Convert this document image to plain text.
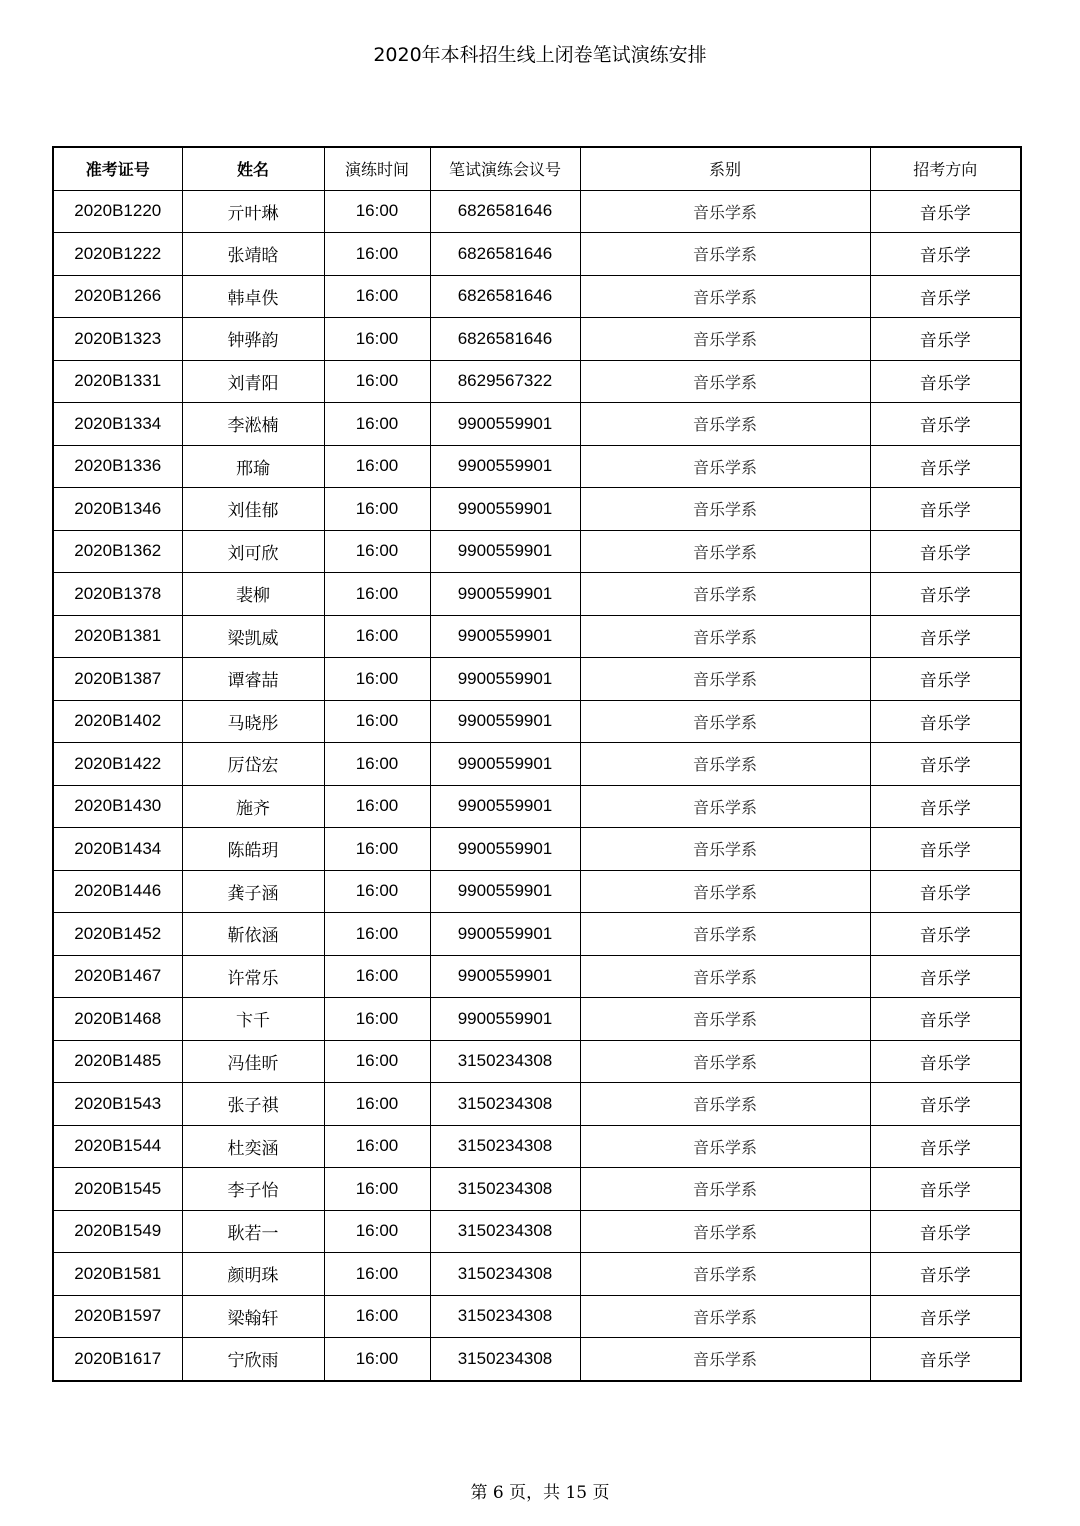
2020年本科招生线上闭卷笔试演练安排
准考证号	姓名	演练时间	笔试演练会议号	系别	招考方向
2020B1220	亓叶琳	16:00	6826581646	音乐学系	音乐学
2020B1222	张靖晗	16:00	6826581646	音乐学系	音乐学
2020B1266	韩卓佚	16:00	6826581646	音乐学系	音乐学
2020B1323	钟骅韵	16:00	6826581646	音乐学系	音乐学
2020B1331	刘青阳	16:00	8629567322	音乐学系	音乐学
2020B1334	李淞楠	16:00	9900559901	音乐学系	音乐学
2020B1336	邢瑜	16:00	9900559901	音乐学系	音乐学
2020B1346	刘佳郁	16:00	9900559901	音乐学系	音乐学
2020B1362	刘可欣	16:00	9900559901	音乐学系	音乐学
2020B1378	裴柳	16:00	9900559901	音乐学系	音乐学
2020B1381	梁凯威	16:00	9900559901	音乐学系	音乐学
2020B1387	谭睿喆	16:00	9900559901	音乐学系	音乐学
2020B1402	马晓彤	16:00	9900559901	音乐学系	音乐学
2020B1422	厉岱宏	16:00	9900559901	音乐学系	音乐学
2020B1430	施齐	16:00	9900559901	音乐学系	音乐学
2020B1434	陈皓玥	16:00	9900559901	音乐学系	音乐学
2020B1446	龚子涵	16:00	9900559901	音乐学系	音乐学
2020B1452	靳依涵	16:00	9900559901	音乐学系	音乐学
2020B1467	许常乐	16:00	9900559901	音乐学系	音乐学
2020B1468	卞千	16:00	9900559901	音乐学系	音乐学
2020B1485	冯佳昕	16:00	3150234308	音乐学系	音乐学
2020B1543	张子祺	16:00	3150234308	音乐学系	音乐学
2020B1544	杜奕涵	16:00	3150234308	音乐学系	音乐学
2020B1545	李子怡	16:00	3150234308	音乐学系	音乐学
2020B1549	耿若一	16:00	3150234308	音乐学系	音乐学
2020B1581	颜明珠	16:00	3150234308	音乐学系	音乐学
2020B1597	梁翰轩	16:00	3150234308	音乐学系	音乐学
2020B1617	宁欣雨	16:00	3150234308	音乐学系	音乐学
第 6 页，共 15 页
